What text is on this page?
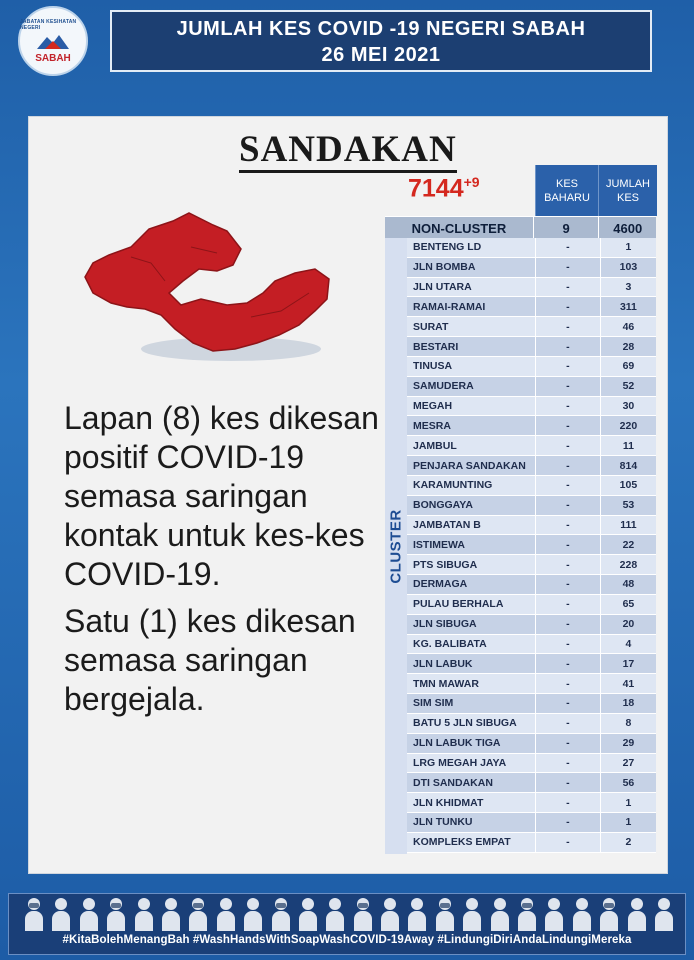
JABATAN KESIHATAN NEGERI
SABAH
JUMLAH KES COVID -19 NEGERI SABAH
26 MEI 2021
SANDAKAN
$7144^{+9}$

Lapan (8) kes dikesan positif COVID-19 semasa saringan kontak untuk kes-kes COVID-19.

Satu (1) kes dikesan semasa saringan bergejala.

KES
BAHARU
JUMLAH
KES
NON-CLUSTER	9	4600
CLUSTER
BENTENG LD	-	1
JLN BOMBA	-	103
JLN UTARA	-	3
RAMAI-RAMAI	-	311
SURAT	-	46
BESTARI	-	28
TINUSA	-	69
SAMUDERA	-	52
MEGAH	-	30
MESRA	-	220
JAMBUL	-	11
PENJARA SANDAKAN	-	814
KARAMUNTING	-	105
BONGGAYA	-	53
JAMBATAN B	-	111
ISTIMEWA	-	22
PTS SIBUGA	-	228
DERMAGA	-	48
PULAU BERHALA	-	65
JLN SIBUGA	-	20
KG. BALIBATA	-	4
JLN LABUK	-	17
TMN MAWAR	-	41
SIM SIM	-	18
BATU 5 JLN SIBUGA	-	8
JLN LABUK TIGA	-	29
LRG MEGAH JAYA	-	27
DTI SANDAKAN	-	56
JLN KHIDMAT	-	1
JLN TUNKU	-	1
KOMPLEKS EMPAT	-	2
#KitaBolehMenangBah #WashHandsWithSoapWashCOVID-19Away #LindungiDiriAndaLindungiMereka
